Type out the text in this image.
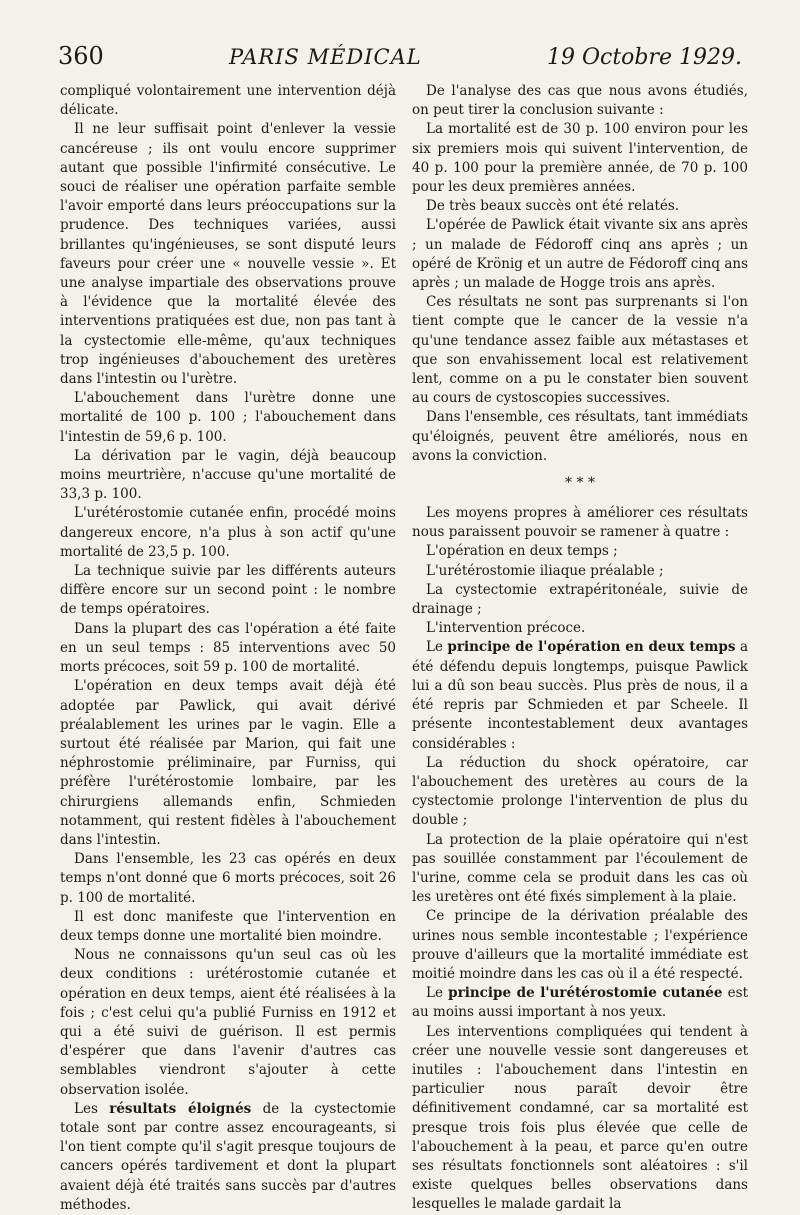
360	PARIS MÉDICAL	19 Octobre 1929.

compliqué volontairement une intervention déjà délicate.

Il ne leur suffisait point d'enlever la vessie cancéreuse ; ils ont voulu encore supprimer autant que possible l'infirmité consécutive. Le souci de réaliser une opération parfaite semble l'avoir emporté dans leurs préoccupations sur la prudence. Des techniques variées, aussi brillantes qu'ingénieuses, se sont disputé leurs faveurs pour créer une « nouvelle vessie ». Et une analyse impartiale des observations prouve à l'évidence que la mortalité élevée des interventions pratiquées est due, non pas tant à la cystectomie elle-même, qu'aux techniques trop ingénieuses d'abouchement des uretères dans l'intestin ou l'urètre.

L'abouchement dans l'urètre donne une mortalité de 100 p. 100 ; l'abouchement dans l'intestin de 59,6 p. 100.

La dérivation par le vagin, déjà beaucoup moins meurtrière, n'accuse qu'une mortalité de 33,3 p. 100.

L'urétérostomie cutanée enfin, procédé moins dangereux encore, n'a plus à son actif qu'une mortalité de 23,5 p. 100.

La technique suivie par les différents auteurs diffère encore sur un second point : le nombre de temps opératoires.

Dans la plupart des cas l'opération a été faite en un seul temps : 85 interventions avec 50 morts précoces, soit 59 p. 100 de mortalité.

L'opération en deux temps avait déjà été adoptée par Pawlick, qui avait dérivé préalablement les urines par le vagin. Elle a surtout été réalisée par Marion, qui fait une néphrostomie préliminaire, par Furniss, qui préfère l'urétérostomie lombaire, par les chirurgiens allemands enfin, Schmieden notamment, qui restent fidèles à l'abouchement dans l'intestin.

Dans l'ensemble, les 23 cas opérés en deux temps n'ont donné que 6 morts précoces, soit 26 p. 100 de mortalité.

Il est donc manifeste que l'intervention en deux temps donne une mortalité bien moindre.

Nous ne connaissons qu'un seul cas où les deux conditions : urétérostomie cutanée et opération en deux temps, aient été réalisées à la fois ; c'est celui qu'a publié Furniss en 1912 et qui a été suivi de guérison. Il est permis d'espérer que dans l'avenir d'autres cas semblables viendront s'ajouter à cette observation isolée.

Les résultats éloignés de la cystectomie totale sont par contre assez encourageants, si l'on tient compte qu'il s'agit presque toujours de cancers opérés tardivement et dont la plupart avaient déjà été traités sans succès par d'autres méthodes.

De l'analyse des cas que nous avons étudiés, on peut tirer la conclusion suivante :

La mortalité est de 30 p. 100 environ pour les six premiers mois qui suivent l'intervention, de 40 p. 100 pour la première année, de 70 p. 100 pour les deux premières années.

De très beaux succès ont été relatés.

L'opérée de Pawlick était vivante six ans après ; un malade de Fédoroff cinq ans après ; un opéré de Krönig et un autre de Fédoroff cinq ans après ; un malade de Hogge trois ans après.

Ces résultats ne sont pas surprenants si l'on tient compte que le cancer de la vessie n'a qu'une tendance assez faible aux métastases et que son envahissement local est relativement lent, comme on a pu le constater bien souvent au cours de cystoscopies successives.

Dans l'ensemble, ces résultats, tant immédiats qu'éloignés, peuvent être améliorés, nous en avons la conviction.

* * *

Les moyens propres à améliorer ces résultats nous paraissent pouvoir se ramener à quatre :

L'opération en deux temps ;

L'urétérostomie iliaque préalable ;

La cystectomie extrapéritonéale, suivie de drainage ;

L'intervention précoce.

Le principe de l'opération en deux temps a été défendu depuis longtemps, puisque Pawlick lui a dû son beau succès. Plus près de nous, il a été repris par Schmieden et par Scheele. Il présente incontestablement deux avantages considérables :

La réduction du shock opératoire, car l'abouchement des uretères au cours de la cystectomie prolonge l'intervention de plus du double ;

La protection de la plaie opératoire qui n'est pas souillée constamment par l'écoulement de l'urine, comme cela se produit dans les cas où les uretères ont été fixés simplement à la plaie.

Ce principe de la dérivation préalable des urines nous semble incontestable ; l'expérience prouve d'ailleurs que la mortalité immédiate est moitié moindre dans les cas où il a été respecté.

Le principe de l'urétérostomie cutanée est au moins aussi important à nos yeux.

Les interventions compliquées qui tendent à créer une nouvelle vessie sont dangereuses et inutiles : l'abouchement dans l'intestin en particulier nous paraît devoir être définitivement condamné, car sa mortalité est presque trois fois plus élevée que celle de l'abouchement à la peau, et parce qu'en outre ses résultats fonctionnels sont aléatoires : s'il existe quelques belles observations dans lesquelles le malade gardait la
